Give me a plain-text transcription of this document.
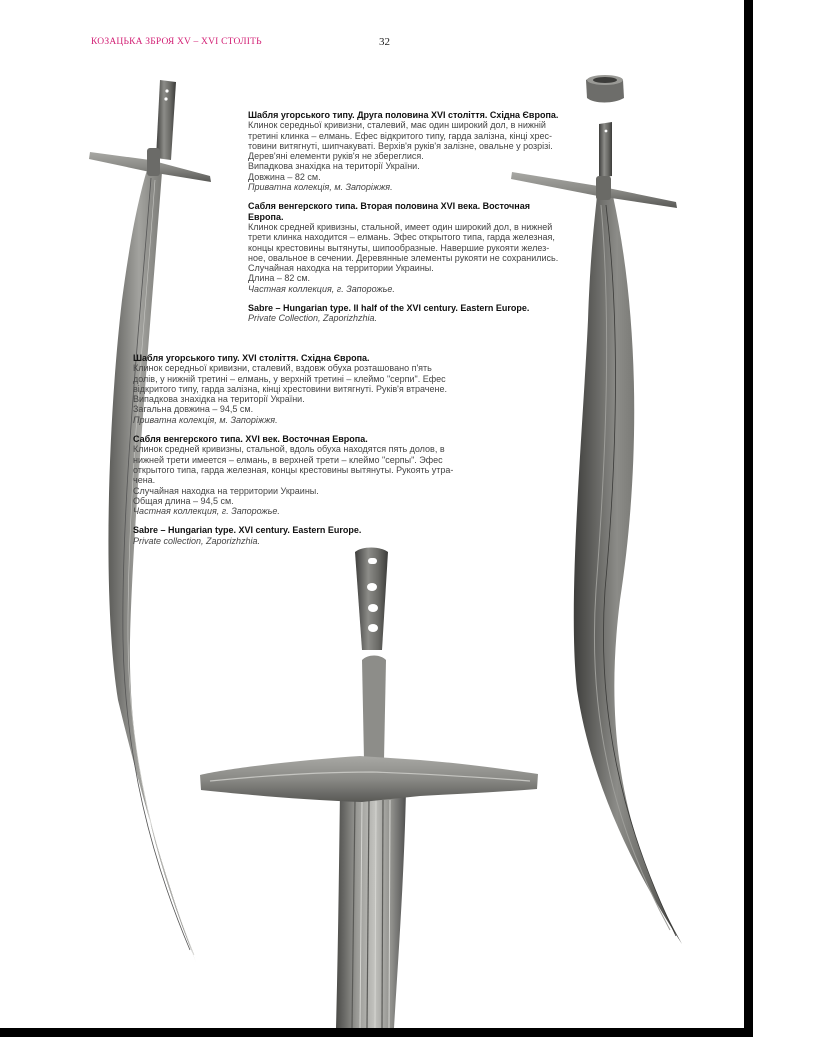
КОЗАЦЬКА ЗБРОЯ XV – XVI СТОЛІТЬ	32

Шабля угорського типу. Друга половина XVI століття. Східна Європа.

Клинок середньої кривизни, сталевий, має один широкий дол, в нижній

третині клинка – елмань. Ефес відкритого типу, гарда залізна, кінці хрес-

товини витягнуті, шипчакуваті. Верхів'я руків'я залізне, овальне у розрізі.

Дерев'яні елементи руків'я не збереглися.

Випадкова знахідка на території України.

Довжина – 82 см.

Приватна колекція, м. Запоріжжя.

Сабля венгерского типа. Вторая половина XVI века. Восточная Европа.

Клинок средней кривизны, стальной, имеет один широкий дол, в нижней

трети клинка находится – елмань. Эфес открытого типа, гарда железная,

концы крестовины вытянуты, шипообразные. Навершие рукояти желез-

ное, овальное в сечении. Деревянные элементы рукояти не сохранились.

Случайная находка на территории Украины.

Длина – 82 см.

Частная коллекция, г. Запорожье.

Sabre – Hungarian type. II half of the XVI century. Eastern Europe.

Private Collection, Zaporizhzhia.

Шабля угорського типу. XVI століття. Східна Європа.

Клинок середньої кривизни, сталевий, вздовж обуха розташовано п'ять

долів, у нижній третині – елмань, у верхній третині – клеймо "серпи". Ефес

відкритого типу, гарда залізна, кінці хрестовини витягнуті. Руків'я втрачене.

Випадкова знахідка на території України.

Загальна довжина – 94,5 см.

Приватна колекція, м. Запоріжжя.

Сабля венгерского типа. XVI век. Восточная Европа.

Клинок средней кривизны, стальной, вдоль обуха находятся пять долов, в

нижней трети имеется – елмань, в верхней трети – клеймо "серпы". Эфес

открытого типа, гарда железная, концы крестовины вытянуты. Рукоять утра-

чена.

Случайная находка на территории Украины.

Общая длина – 94,5 см.

Частная коллекция, г. Запорожье.

Sabre – Hungarian type. XVI century. Eastern Europe.

Private collection, Zaporizhzhia.
